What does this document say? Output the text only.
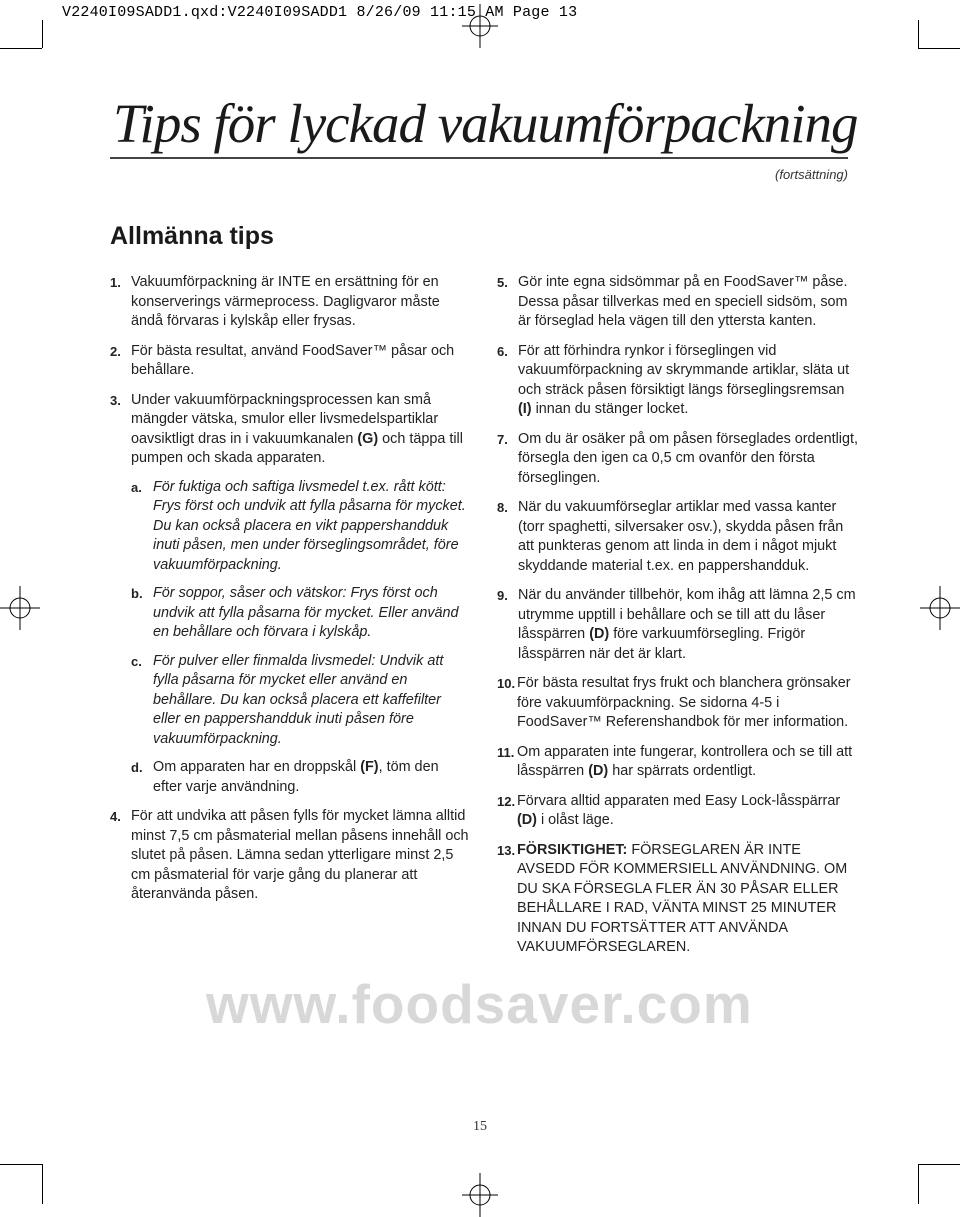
V2240I09SADD1.qxd:V2240I09SADD1 8/26/09 11:15 AM Page 13
Tips för lyckad vakuumförpackning
(fortsättning)
Allmänna tips
1. Vakuumförpackning är INTE en ersättning för en konserverings värmeprocess. Dagligvaror måste ändå förvaras i kylskåp eller frysas.
2. För bästa resultat, använd FoodSaver™ påsar och behållare.
3. Under vakuumförpackningsprocessen kan små mängder vätska, smulor eller livsmedelspartiklar oavsiktligt dras in i vakuumkanalen (G) och täppa till pumpen och skada apparaten.
a. För fuktiga och saftiga livsmedel t.ex. rått kött: Frys först och undvik att fylla påsarna för mycket. Du kan också placera en vikt pappershandduk inuti påsen, men under förseglingsområdet, före vakuumförpackning.
b. För soppor, såser och vätskor: Frys först och undvik att fylla påsarna för mycket. Eller använd en behållare och förvara i kylskåp.
c. För pulver eller finmalda livsmedel: Undvik att fylla påsarna för mycket eller använd en behållare. Du kan också placera ett kaffefilter eller en pappershandduk inuti påsen före vakuumförpackning.
d. Om apparaten har en droppskål (F), töm den efter varje användning.
4. För att undvika att påsen fylls för mycket lämna alltid minst 7,5 cm påsmaterial mellan påsens innehåll och slutet på påsen. Lämna sedan ytterligare minst 2,5 cm påsmaterial för varje gång du planerar att återanvända påsen.
5. Gör inte egna sidsömmar på en FoodSaver™ påse. Dessa påsar tillverkas med en speciell sidsöm, som är förseglad hela vägen till den yttersta kanten.
6. För att förhindra rynkor i förseglingen vid vakuumförpackning av skrymmande artiklar, släta ut och sträck påsen försiktigt längs förseglingsremsan (I) innan du stänger locket.
7. Om du är osäker på om påsen förseglades ordentligt, försegla den igen ca 0,5 cm ovanför den första förseglingen.
8. När du vakuumförseglar artiklar med vassa kanter (torr spaghetti, silversaker osv.), skydda påsen från att punkteras genom att linda in dem i något mjukt skyddande material t.ex. en pappershandduk.
9. När du använder tillbehör, kom ihåg att lämna 2,5 cm utrymme upptill i behållare och se till att du låser låsspärren (D) före varkuumförsegling. Frigör låsspärren när det är klart.
10. För bästa resultat frys frukt och blanchera grönsaker före vakuumförpackning. Se sidorna 4-5 i FoodSaver™ Referenshandbok för mer information.
11. Om apparaten inte fungerar, kontrollera och se till att låsspärren (D) har spärrats ordentligt.
12. Förvara alltid apparaten med Easy Lock-låsspärrar (D) i olåst läge.
13. FÖRSIKTIGHET: FÖRSEGLAREN ÄR INTE AVSEDD FÖR KOMMERSIELL ANVÄNDNING. OM DU SKA FÖRSEGLA FLER ÄN 30 PÅSAR ELLER BEHÅLLARE I RAD, VÄNTA MINST 25 MINUTER INNAN DU FORTSÄTTER ATT ANVÄNDA VAKUUMFÖRSEGLAREN.
www.foodsaver.com
15
